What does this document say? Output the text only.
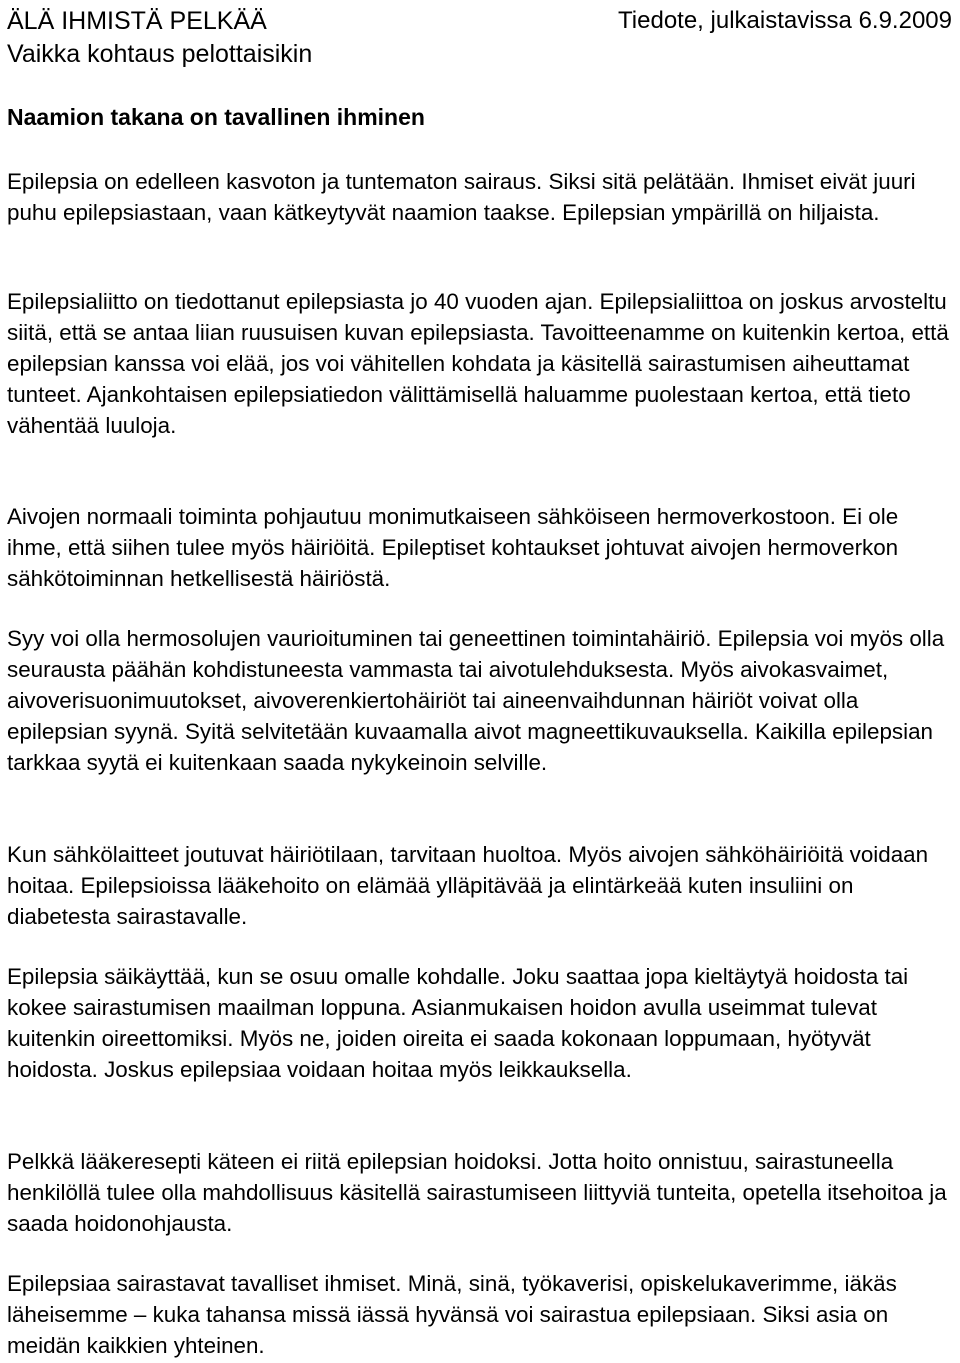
ÄLÄ IHMISTÄ PELKÄÄ
Vaikka kohtaus pelottaisikin
Tiedote, julkaistavissa 6.9.2009
Naamion takana on tavallinen ihminen

Epilepsia on edelleen kasvoton ja tuntematon sairaus. Siksi sitä pelätään. Ihmiset eivät juuri puhu epilepsiastaan, vaan kätkeytyvät naamion taakse. Epilepsian ympärillä on hiljaista.

Epilepsialiitto on tiedottanut epilepsiasta jo 40 vuoden ajan. Epilepsialiittoa on joskus arvosteltu siitä, että se antaa liian ruusuisen kuvan epilepsiasta. Tavoitteenamme on kuitenkin kertoa, että epilepsian kanssa voi elää, jos voi vähitellen kohdata ja käsitellä sairastumisen aiheuttamat tunteet. Ajankohtaisen epilepsiatiedon välittämisellä haluamme puolestaan kertoa, että tieto vähentää luuloja.

Aivojen normaali toiminta pohjautuu monimutkaiseen sähköiseen hermoverkostoon. Ei ole ihme, että siihen tulee myös häiriöitä. Epileptiset kohtaukset johtuvat aivojen hermoverkon sähkötoiminnan hetkellisestä häiriöstä.

Syy voi olla hermosolujen vaurioituminen tai geneettinen toimintahäiriö. Epilepsia voi myös olla seurausta päähän kohdistuneesta vammasta tai aivotulehduksesta. Myös aivokasvaimet, aivoverisuonimuutokset, aivoverenkiertohäiriöt tai aineenvaihdunnan häiriöt voivat olla epilepsian syynä. Syitä selvitetään kuvaamalla aivot magneettikuvauksella. Kaikilla epilepsian tarkkaa syytä ei kuitenkaan saada nykykeinoin selville.

Kun sähkölaitteet joutuvat häiriötilaan, tarvitaan huoltoa. Myös aivojen sähköhäiriöitä voidaan hoitaa. Epilepsioissa lääkehoito on elämää ylläpitävää ja elintärkeää kuten insuliini on diabetesta sairastavalle.

Epilepsia säikäyttää, kun se osuu omalle kohdalle. Joku saattaa jopa kieltäytyä hoidosta tai kokee sairastumisen maailman loppuna. Asianmukaisen hoidon avulla useimmat tulevat kuitenkin oireettomiksi. Myös ne, joiden oireita ei saada kokonaan loppumaan, hyötyvät hoidosta. Joskus epilepsiaa voidaan hoitaa myös leikkauksella.

Pelkkä lääkeresepti käteen ei riitä epilepsian hoidoksi. Jotta hoito onnistuu, sairastuneella henkilöllä tulee olla mahdollisuus käsitellä sairastumiseen liittyviä tunteita, opetella itsehoitoa ja saada hoidonohjausta.

Epilepsiaa sairastavat tavalliset ihmiset. Minä, sinä, työkaverisi, opiskelukaverimme, iäkäs läheisemme – kuka tahansa missä iässä hyvänsä voi sairastua epilepsiaan. Siksi asia on meidän kaikkien yhteinen.
